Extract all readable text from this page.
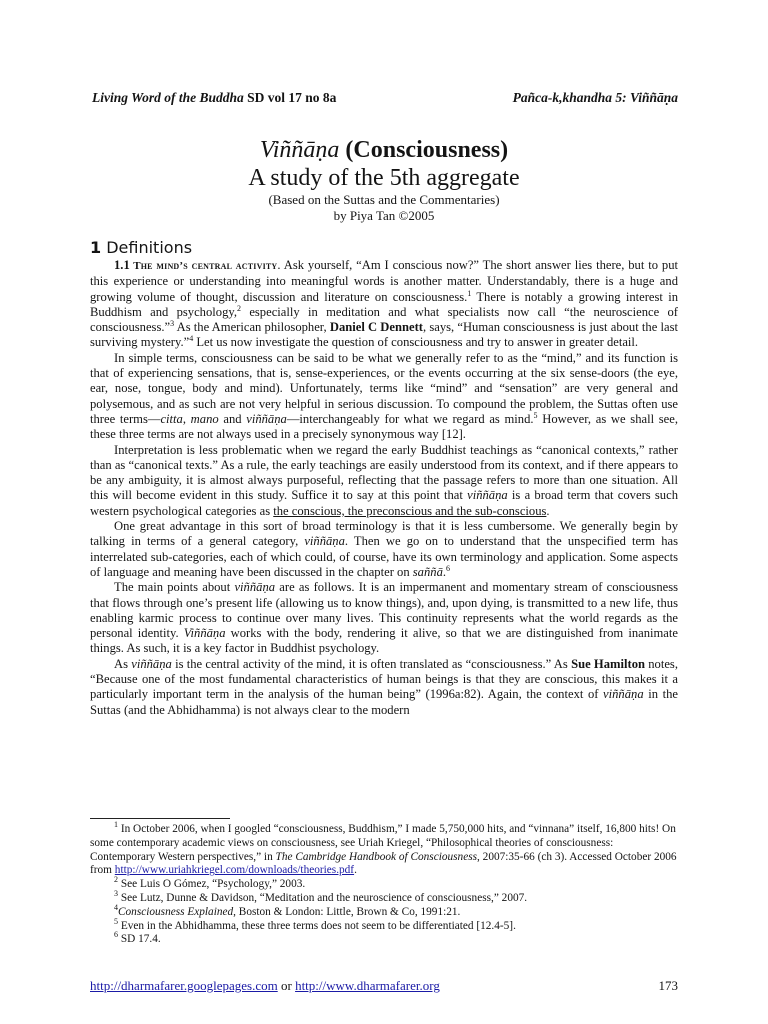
Living Word of the Buddha SD vol 17 no 8a	Pañca-k,khandha 5: Viññāṇa
Viññāṇa (Consciousness)
A study of the 5th aggregate
(Based on the Suttas and the Commentaries)
by Piya Tan ©2005
1 Definitions

1.1 The mind’s central activity. Ask yourself, “Am I conscious now?” The short answer lies there, but to put this experience or understanding into meaningful words is another matter. Understandably, there is a huge and growing volume of thought, discussion and literature on consciousness.$^1$ There is notably a growing interest in Buddhism and psychology,$^2$ especially in meditation and what specialists now call “the neuroscience of consciousness.”$^3$ As the American philosopher, Daniel C Dennett, says, “Human consciousness is just about the last surviving mystery.”$^4$ Let us now investigate the question of consciousness and try to answer in greater detail.

In simple terms, consciousness can be said to be what we generally refer to as the “mind,” and its function is that of experiencing sensations, that is, sense-experiences, or the events occurring at the six sense-doors (the eye, ear, nose, tongue, body and mind). Unfortunately, terms like “mind” and “sensation” are very general and polysemous, and as such are not very helpful in serious discussion. To compound the problem, the Suttas often use three terms—citta, mano and viññāṇa—interchangeably for what we regard as mind.$^5$ However, as we shall see, these three terms are not always used in a precisely synonymous way [12].

Interpretation is less problematic when we regard the early Buddhist teachings as “canonical contexts,” rather than as “canonical texts.” As a rule, the early teachings are easily understood from its context, and if there appears to be any ambiguity, it is almost always purposeful, reflecting that the passage refers to more than one situation. All this will become evident in this study. Suffice it to say at this point that viññāṇa is a broad term that covers such western psychological categories as the conscious, the preconscious and the sub-conscious.

One great advantage in this sort of broad terminology is that it is less cumbersome. We generally begin by talking in terms of a general category, viññāṇa. Then we go on to understand that the unspecified term has interrelated sub-categories, each of which could, of course, have its own terminology and application. Some aspects of language and meaning have been discussed in the chapter on saññā.$^6$

The main points about viññāṇa are as follows. It is an impermanent and momentary stream of consciousness that flows through one’s present life (allowing us to know things), and, upon dying, is transmitted to a new life, thus enabling karmic process to continue over many lives. This continuity represents what the world regards as the personal identity. Viññāṇa works with the body, rendering it alive, so that we are distinguished from inanimate things. As such, it is a key factor in Buddhist psychology.

As viññāṇa is the central activity of the mind, it is often translated as “consciousness.” As Sue Hamilton notes, “Because one of the most fundamental characteristics of human beings is that they are conscious, this makes it a particularly important term in the analysis of the human being” (1996a:82). Again, the context of viññāṇa in the Suttas (and the Abhidhamma) is not always clear to the modern

$^1$ In October 2006, when I googled “consciousness, Buddhism,” I made 5,750,000 hits, and “vinnana” itself, 16,800 hits! On some contemporary academic views on consciousness, see Uriah Kriegel, “Philosophical theories of consciousness: Contemporary Western perspectives,” in The Cambridge Handbook of Consciousness, 2007:35-66 (ch 3). Accessed October 2006 from http://www.uriahkriegel.com/downloads/theories.pdf.

$^2$ See Luis O Gómez, “Psychology,” 2003.

$^3$ See Lutz, Dunne & Davidson, “Meditation and the neuroscience of consciousness,” 2007.

$^4$Consciousness Explained, Boston & London: Little, Brown & Co, 1991:21.

$^5$ Even in the Abhidhamma, these three terms does not seem to be differentiated [12.4-5].

$^6$ SD 17.4.

http://dharmafarer.googlepages.com or http://www.dharmafarer.org	173
